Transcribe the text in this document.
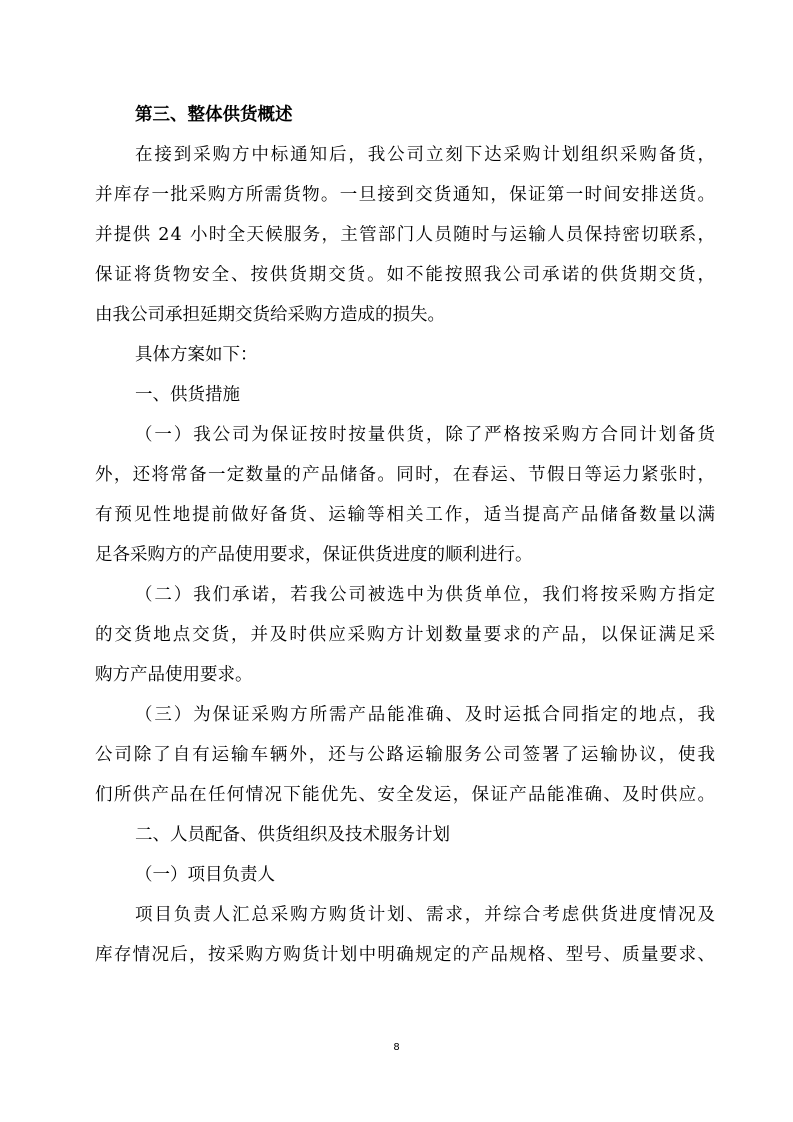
第三、整体供货概述

在接到采购方中标通知后，我公司立刻下达采购计划组织采购备货，

并库存一批采购方所需货物。一旦接到交货通知，保证第一时间安排送货。

并提供 24 小时全天候服务，主管部门人员随时与运输人员保持密切联系，

保证将货物安全、按供货期交货。如不能按照我公司承诺的供货期交货，

由我公司承担延期交货给采购方造成的损失。

具体方案如下：

一、供货措施

（一）我公司为保证按时按量供货，除了严格按采购方合同计划备货

外，还将常备一定数量的产品储备。同时，在春运、节假日等运力紧张时，

有预见性地提前做好备货、运输等相关工作，适当提高产品储备数量以满

足各采购方的产品使用要求，保证供货进度的顺利进行。

（二）我们承诺，若我公司被选中为供货单位，我们将按采购方指定

的交货地点交货，并及时供应采购方计划数量要求的产品，以保证满足采

购方产品使用要求。

（三）为保证采购方所需产品能准确、及时运抵合同指定的地点，我

公司除了自有运输车辆外，还与公路运输服务公司签署了运输协议，使我

们所供产品在任何情况下能优先、安全发运，保证产品能准确、及时供应。

二、人员配备、供货组织及技术服务计划

（一）项目负责人

项目负责人汇总采购方购货计划、需求，并综合考虑供货进度情况及

库存情况后，按采购方购货计划中明确规定的产品规格、型号、质量要求、

8
